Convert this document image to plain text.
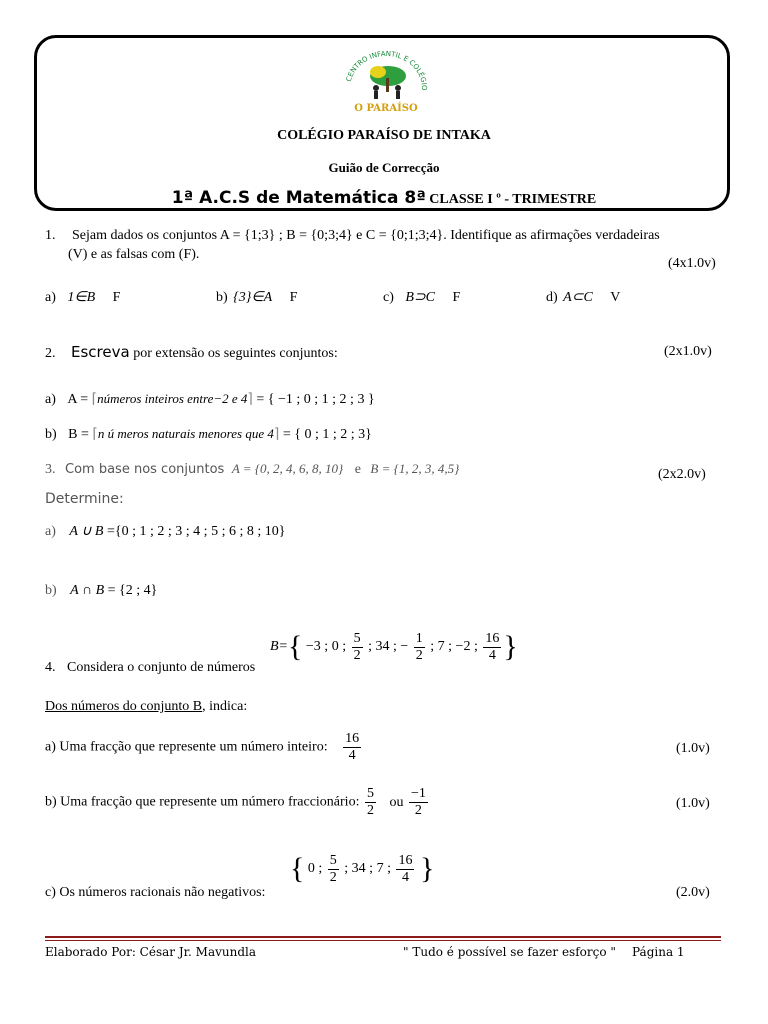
CENTRO INFANTIL E COLÉGIO
O PARAÍSO
COLÉGIO PARAÍSO DE INTAKA
Guião de Correcção
1ª A.C.S de Matemática 8ª CLASSE I º - TRIMESTRE
1. Sejam dados os conjuntos A = {1;3} ; B = {0;3;4} e C = {0;1;3;4}. Identifique as afirmações verdadeiras
(V) e as falsas com (F).
(4x1.0v)
a) 1∈B F	b) {3}∈A F	c) B⊃C F	d) A⊂C V
2. Escreva por extensão os seguintes conjuntos:	(2x1.0v)
a) A = ⌈números inteiros entre−2 e 4⌉ = { −1 ; 0 ; 1 ; 2 ; 3 }
b) B = ⌈n ú meros naturais menores que 4⌉ = { 0 ; 1 ; 2 ; 3}
3. Com base nos conjuntos A = {0, 2, 4, 6, 8, 10} e B = {1, 2, 3, 4,5}	(2x2.0v)
Determine:
a) A ∪ B ={0 ; 1 ; 2 ; 3 ; 4 ; 5 ; 6 ; 8 ; 10}
b) A ∩ B = {2 ; 4}
B={ −3 ; 0 ; $\frac{5}{2}$ ; 34 ; − $\frac{1}{2}$ ; 7 ; −2 ; $\frac{16}{4}$ }
4. Considera o conjunto de números
Dos números do conjunto B, indica:
a) Uma fracção que represente um número inteiro: $\frac{16}{4}$	(1.0v)
b) Uma fracção que represente um número fraccionário: $\frac{5}{2}$ ou $\frac{-1}{2}$	(1.0v)
{ 0 ; $\frac{5}{2}$ ; 34 ; 7 ; $\frac{16}{4}$ }
c) Os números racionais não negativos:	(2.0v)
Elaborado Por: César Jr. Mavundla	" Tudo é possível se fazer esforço " Página 1
